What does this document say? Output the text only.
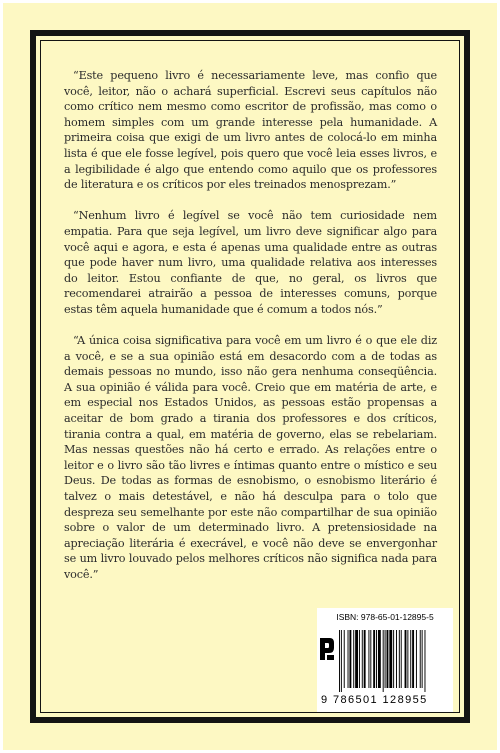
“Este pequeno livro é necessariamente leve, mas confio que você, leitor, não o achará superficial. Escrevi seus capítulos não como crítico nem mesmo como escritor de profissão, mas como o homem simples com um grande interesse pela humanidade. A primeira coisa que exigi de um livro antes de colocá-lo em minha lista é que ele fosse legível, pois quero que você leia esses livros, e a legibilidade é algo que entendo como aquilo que os professores de literatura e os críticos por eles treinados menosprezam.”

“Nenhum livro é legível se você não tem curiosidade nem empatia. Para que seja legível, um livro deve significar algo para você aqui e agora, e esta é apenas uma qualidade entre as outras que pode haver num livro, uma qualidade relativa aos interesses do leitor. Estou confiante de que, no geral, os livros que recomendarei atrairão a pessoa de interesses comuns, porque estas têm aquela humanidade que é comum a todos nós.”

“A única coisa significativa para você em um livro é o que ele diz a você, e se a sua opinião está em desacordo com a de todas as demais pessoas no mundo, isso não gera nenhuma conseqüência. A sua opinião é válida para você. Creio que em matéria de arte, e em especial nos Estados Unidos, as pessoas estão propensas a aceitar de bom grado a tirania dos professores e dos críticos, tirania contra a qual, em matéria de governo, elas se rebelariam. Mas nessas questões não há certo e errado. As relações entre o leitor e o livro são tão livres e íntimas quanto entre o místico e seu Deus. De todas as formas de esnobismo, o esnobismo literário é talvez o mais detestável, e não há desculpa para o tolo que despreza seu semelhante por este não compartilhar de sua opinião sobre o valor de um determinado livro. A pretensiosidade na apreciação literária é execrável, e você não deve se envergonhar se um livro louvado pelos melhores críticos não significa nada para você.”

ISBN: 978-65-01-12895-5
9 786501 128955
